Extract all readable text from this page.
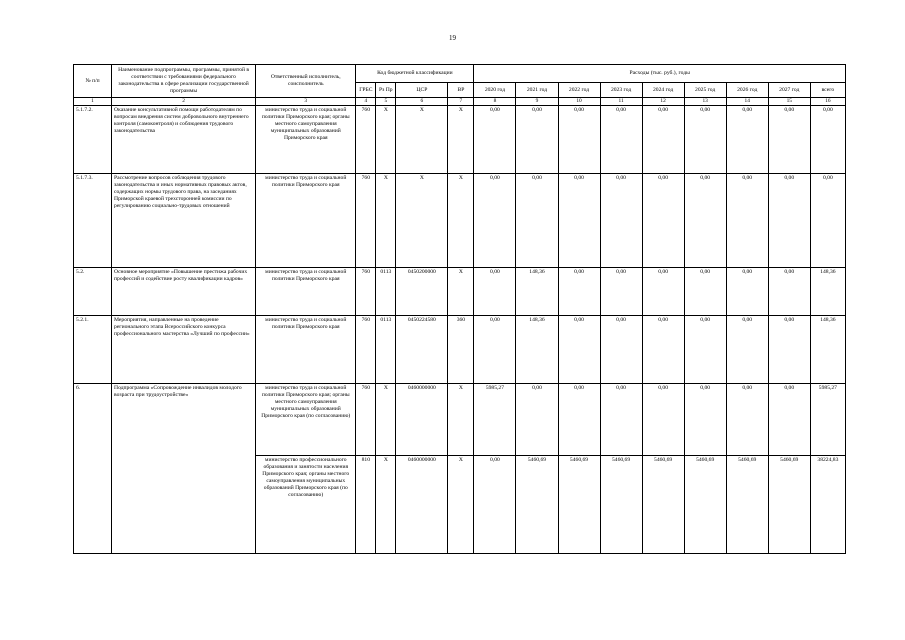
19
№ п/п	Наименование подпрограммы, программы, принятой в соответствии с требованиями федерального законодательства в сфере реализации государственной программы	Ответственный исполнитель, соисполнитель	Код бюджетной классификации				Расходы (тыс. руб.), годы								
			ГРБС	Рз Пр	ЦСР	ВР	2020 год	2021 год	2022 год	2023 год	2024 год	2025 год	2026 год	2027 год	всего
1	2	3	4	5	6	7	8	9	10	11	12	13	14	15	16
5.1.7.2.	Оказание консультативной помощи работодателям по вопросам внедрения систем добровольного внутреннего контроля (самоконтроля) и соблюдения трудового законодательства	министерство труда и социальной политики Приморского края; органы местного самоуправления муниципальных образований Приморского края	760	X	X	X	0,00	0,00	0,00	0,00	0,00	0,00	0,00	0,00	0,00
5.1.7.3.	Рассмотрение вопросов соблюдения трудового законодательства и иных нормативных правовых актов, содержащих нормы трудового права, на заседаниях Приморской краевой трехсторонней комиссии по регулированию социально-трудовых отношений	министерство труда и социальной политики Приморского края	760	X	X	X	0,00	0,00	0,00	0,00	0,00	0,00	0,00	0,00	0,00
5.2.	Основное мероприятие «Повышение престижа рабочих профессий и содействие росту квалификации кадров»	министерство труда и социальной политики Приморского края	760	0113	0450200000	X	0,00	148,36	0,00	0,00	0,00	0,00	0,00	0,00	148,36
5.2.1.	Мероприятия, направленные на проведение регионального этапа Всероссийского конкурса профессионального мастерства «Лучший по профессии»	министерство труда и социальной политики Приморского края	760	0113	0450224580	360	0,00	148,36	0,00	0,00	0,00	0,00	0,00	0,00	148,36
6.	Подпрограмма «Сопровождение инвалидов молодого возраста при трудоустройстве»	министерство труда и социальной политики Приморского края; органы местного самоуправления муниципальных образований Приморского края (по согласованию)	760	X	0460000000	X	5985,27	0,00	0,00	0,00	0,00	0,00	0,00	0,00	5985,27
		министерство профессионального образования и занятости населения Приморского края; органы местного самоуправления муниципальных образований Приморского края (по согласованию)	810	X	0460000000	X	0,00	5460,69	5460,69	5460,69	5460,69	5460,69	5460,69	5460,69	38224,83
